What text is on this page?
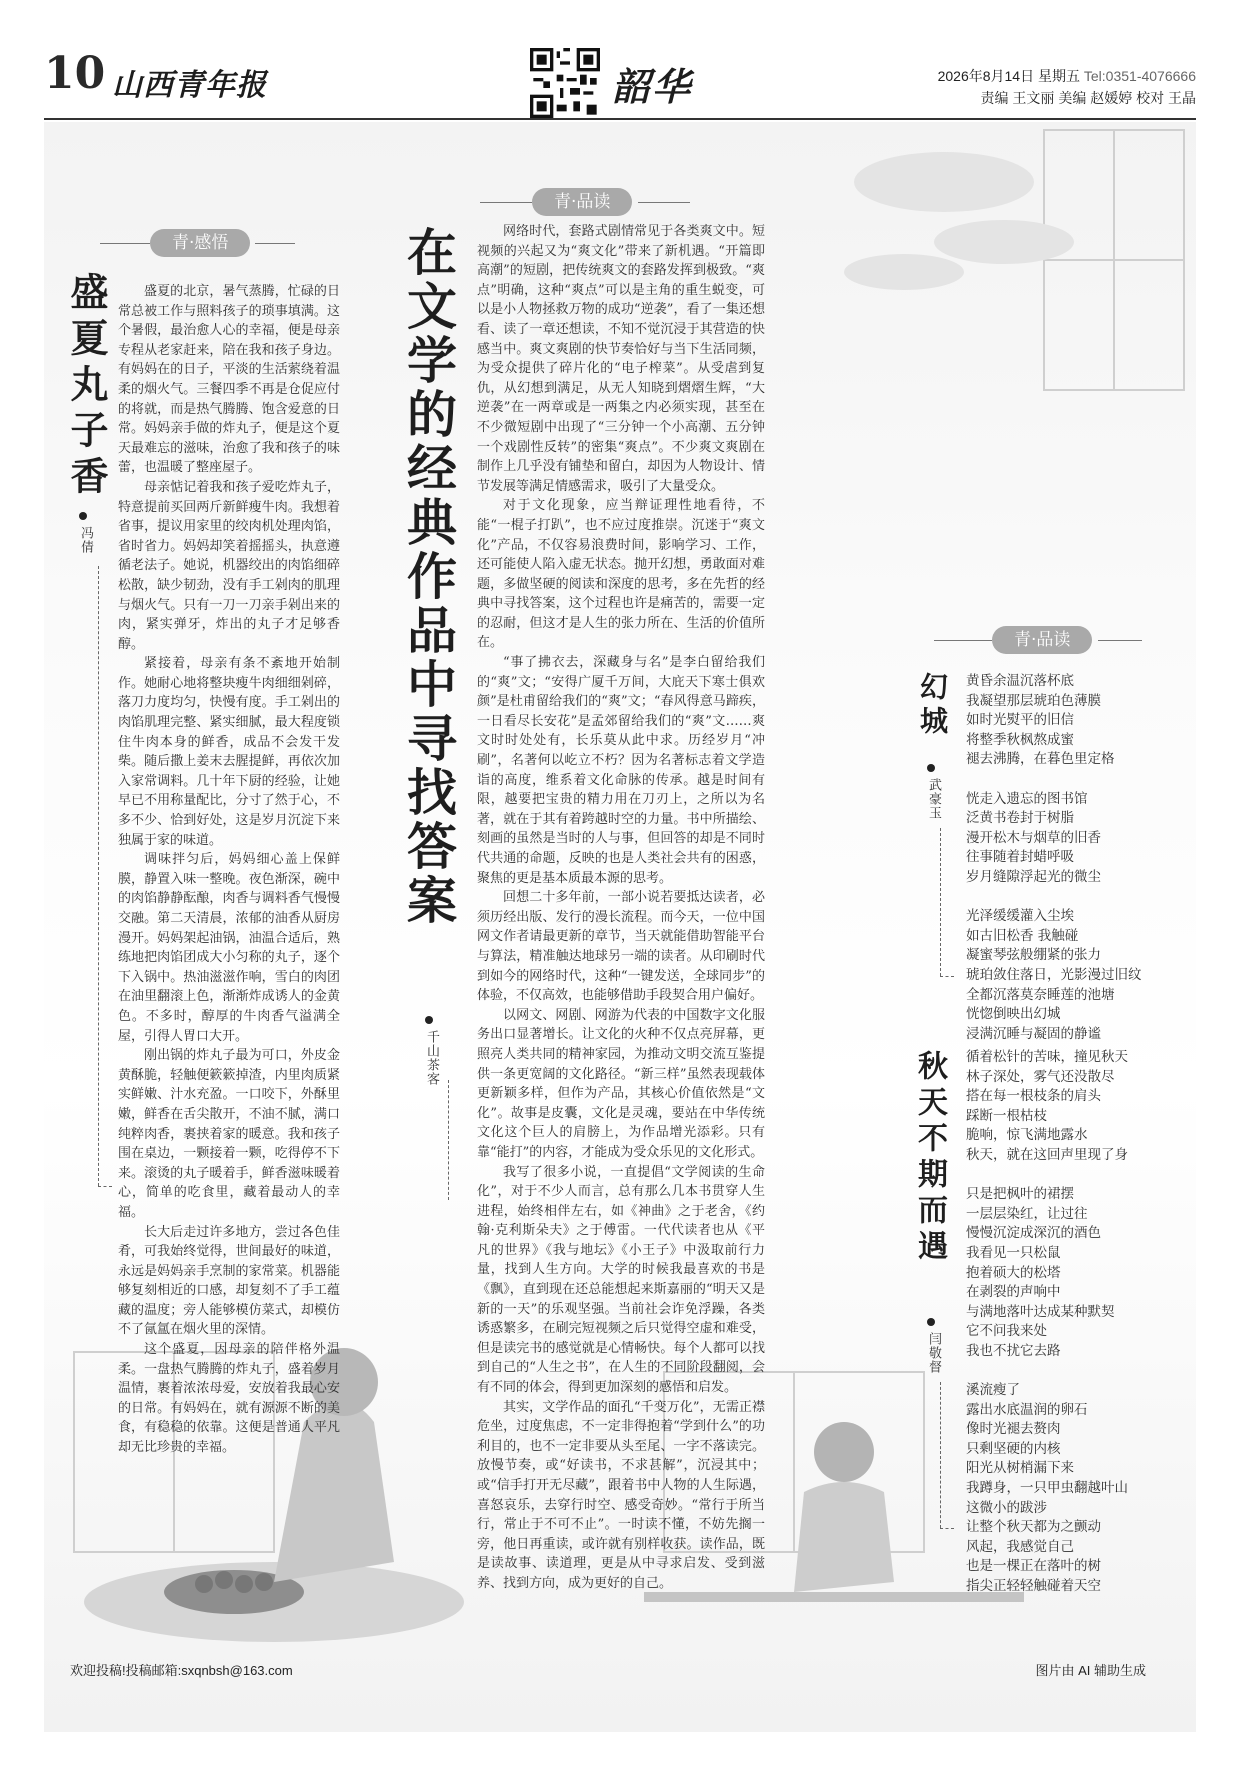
10 山西青年报	韶华	2026年8月14日 星期五 Tel:0351-4076666
责编 王文丽 美编 赵媛婷 校对 王晶
青·感悟
盛夏丸子香
冯倩

盛夏的北京，暑气蒸腾，忙碌的日常总被工作与照料孩子的琐事填满。这个暑假，最治愈人心的幸福，便是母亲专程从老家赶来，陪在我和孩子身边。有妈妈在的日子，平淡的生活萦绕着温柔的烟火气。三餐四季不再是仓促应付的将就，而是热气腾腾、饱含爱意的日常。妈妈亲手做的炸丸子，便是这个夏天最难忘的滋味，治愈了我和孩子的味蕾，也温暖了整座屋子。

母亲惦记着我和孩子爱吃炸丸子，特意提前买回两斤新鲜瘦牛肉。我想着省事，提议用家里的绞肉机处理肉馅，省时省力。妈妈却笑着摇摇头，执意遵循老法子。她说，机器绞出的肉馅细碎松散，缺少韧劲，没有手工剁肉的肌理与烟火气。只有一刀一刀亲手剁出来的肉，紧实弹牙，炸出的丸子才足够香醇。

紧接着，母亲有条不紊地开始制作。她耐心地将整块瘦牛肉细细剁碎，落刀力度均匀，快慢有度。手工剁出的肉馅肌理完整、紧实细腻，最大程度锁住牛肉本身的鲜香，成品不会发干发柴。随后撒上姜末去腥提鲜，再依次加入家常调料。几十年下厨的经验，让她早已不用称量配比，分寸了然于心，不多不少、恰到好处，这是岁月沉淀下来独属于家的味道。

调味拌匀后，妈妈细心盖上保鲜膜，静置入味一整晚。夜色渐深，碗中的肉馅静静酝酿，肉香与调料香气慢慢交融。第二天清晨，浓郁的油香从厨房漫开。妈妈架起油锅，油温合适后，熟练地把肉馅团成大小匀称的丸子，逐个下入锅中。热油滋滋作响，雪白的肉团在油里翻滚上色，渐渐炸成诱人的金黄色。不多时，醇厚的牛肉香气溢满全屋，引得人胃口大开。

刚出锅的炸丸子最为可口，外皮金黄酥脆，轻触便簌簌掉渣，内里肉质紧实鲜嫩、汁水充盈。一口咬下，外酥里嫩，鲜香在舌尖散开，不油不腻，满口纯粹肉香，裹挟着家的暖意。我和孩子围在桌边，一颗接着一颗，吃得停不下来。滚烫的丸子暖着手，鲜香滋味暖着心，简单的吃食里，藏着最动人的幸福。

长大后走过许多地方，尝过各色佳肴，可我始终觉得，世间最好的味道，永远是妈妈亲手烹制的家常菜。机器能够复刻相近的口感，却复刻不了手工蕴藏的温度；旁人能够模仿菜式，却模仿不了氤氲在烟火里的深情。

这个盛夏，因母亲的陪伴格外温柔。一盘热气腾腾的炸丸子，盛着岁月温情，裹着浓浓母爱，安放着我最心安的日常。有妈妈在，就有源源不断的美食，有稳稳的依靠。这便是普通人平凡却无比珍贵的幸福。

青·品读
在文学的经典作品中寻找答案
千山茶客

网络时代，套路式剧情常见于各类爽文中。短视频的兴起又为“爽文化”带来了新机遇。“开篇即高潮”的短剧，把传统爽文的套路发挥到极致。“爽点”明确，这种“爽点”可以是主角的重生蜕变，可以是小人物拯救万物的成功“逆袭”，看了一集还想看、读了一章还想读，不知不觉沉浸于其营造的快感当中。爽文爽剧的快节奏恰好与当下生活同频，为受众提供了碎片化的“电子榨菜”。从受虐到复仇，从幻想到满足，从无人知晓到熠熠生辉，“大逆袭”在一两章或是一两集之内必须实现，甚至在不少微短剧中出现了“三分钟一个小高潮、五分钟一个戏剧性反转”的密集“爽点”。不少爽文爽剧在制作上几乎没有铺垫和留白，却因为人物设计、情节发展等满足情感需求，吸引了大量受众。

对于文化现象，应当辩证理性地看待，不能“一棍子打趴”，也不应过度推崇。沉迷于“爽文化”产品，不仅容易浪费时间，影响学习、工作，还可能使人陷入虚无状态。抛开幻想，勇敢面对难题，多做坚硬的阅读和深度的思考，多在先哲的经典中寻找答案，这个过程也许是痛苦的，需要一定的忍耐，但这才是人生的张力所在、生活的价值所在。

“事了拂衣去，深藏身与名”是李白留给我们的“爽”文；“安得广厦千万间，大庇天下寒士俱欢颜”是杜甫留给我们的“爽”文；“春风得意马蹄疾，一日看尽长安花”是孟郊留给我们的“爽”文……爽文时时处处有，长乐莫从此中求。历经岁月“冲刷”，名著何以屹立不朽？因为名著标志着文学造诣的高度，维系着文化命脉的传承。越是时间有限，越要把宝贵的精力用在刀刃上，之所以为名著，就在于其有着跨越时空的力量。书中所描绘、刻画的虽然是当时的人与事，但回答的却是不同时代共通的命题，反映的也是人类社会共有的困惑，聚焦的更是基本质最本源的思考。

回想二十多年前，一部小说若要抵达读者，必须历经出版、发行的漫长流程。而今天，一位中国网文作者请最更新的章节，当天就能借助智能平台与算法，精准触达地球另一端的读者。从印刷时代到如今的网络时代，这种“一键发送，全球同步”的体验，不仅高效，也能够借助手段契合用户偏好。

以网文、网剧、网游为代表的中国数字文化服务出口显著增长。让文化的火种不仅点亮屏幕，更照亮人类共同的精神家园，为推动文明交流互鉴提供一条更宽阔的文化路径。“新三样”虽然表现载体更新颖多样，但作为产品，其核心价值依然是“文化”。故事是皮囊，文化是灵魂，要站在中华传统文化这个巨人的肩膀上，为作品增光添彩。只有靠“能打”的内容，才能成为受众乐见的文化形式。

我写了很多小说，一直提倡“文学阅读的生命化”，对于不少人而言，总有那么几本书贯穿人生进程，始终相伴左右，如《神曲》之于老舍，《约翰·克利斯朵夫》之于傅雷。一代代读者也从《平凡的世界》《我与地坛》《小王子》中汲取前行力量，找到人生方向。大学的时候我最喜欢的书是《飘》，直到现在还总能想起来斯嘉丽的“明天又是新的一天”的乐观坚强。当前社会诈免浮躁，各类诱惑繁多，在刷完短视频之后只觉得空虚和难受，但是读完书的感觉就是心情畅快。每个人都可以找到自己的“人生之书”，在人生的不同阶段翻阅，会有不同的体会，得到更加深刻的感悟和启发。

其实，文学作品的面孔“千变万化”，无需正襟危坐，过度焦虑，不一定非得抱着“学到什么”的功利目的，也不一定非要从头至尾、一字不落读完。放慢节奏，或“好读书，不求甚解”，沉浸其中；或“信手打开无尽藏”，跟着书中人物的人生际遇，喜怒哀乐，去穿行时空、感受奇妙。“常行于所当行，常止于不可不止”。一时读不懂，不妨先搁一旁，他日再重读，或许就有别样收获。读作品，既是读故事、读道理，更是从中寻求启发、受到滋养、找到方向，成为更好的自己。

青·品读
幻城
武豪玉
黄昏余温沉落杯底
我凝望那层琥珀色薄膜
如时光熨平的旧信
将整季秋枫熬成蜜
褪去沸腾，在暮色里定格
恍走入遗忘的图书馆
泛黄书卷封于树脂
漫开松木与烟草的旧香
往事随着封蜡呼吸
岁月缝隙浮起光的微尘
光泽缓缓灌入尘埃
如古旧松香 我触碰
凝蜜琴弦般绷紧的张力
琥珀敛住落日，光影漫过旧纹
全都沉落莫奈睡莲的池塘
恍惚倒映出幻城
浸满沉睡与凝固的静谧
秋天不期而遇
闫敬督
循着松针的苦味，撞见秋天
林子深处，雾气还没散尽
搭在每一根枝条的肩头
踩断一根枯枝
脆响，惊飞满地露水
秋天，就在这回声里现了身
只是把枫叶的裙摆
一层层染红，让过往
慢慢沉淀成深沉的酒色
我看见一只松鼠
抱着硕大的松塔
在剥裂的声响中
与满地落叶达成某种默契
它不问我来处
我也不扰它去路
溪流瘦了
露出水底温润的卵石
像时光褪去赘肉
只剩坚硬的内核
阳光从树梢漏下来
我蹲身，一只甲虫翻越叶山
这微小的跋涉
让整个秋天都为之颤动
风起，我感觉自己
也是一棵正在落叶的树
指尖正轻轻触碰着天空
欢迎投稿!投稿邮箱:sxqnbsh@163.com	图片由 AI 辅助生成
